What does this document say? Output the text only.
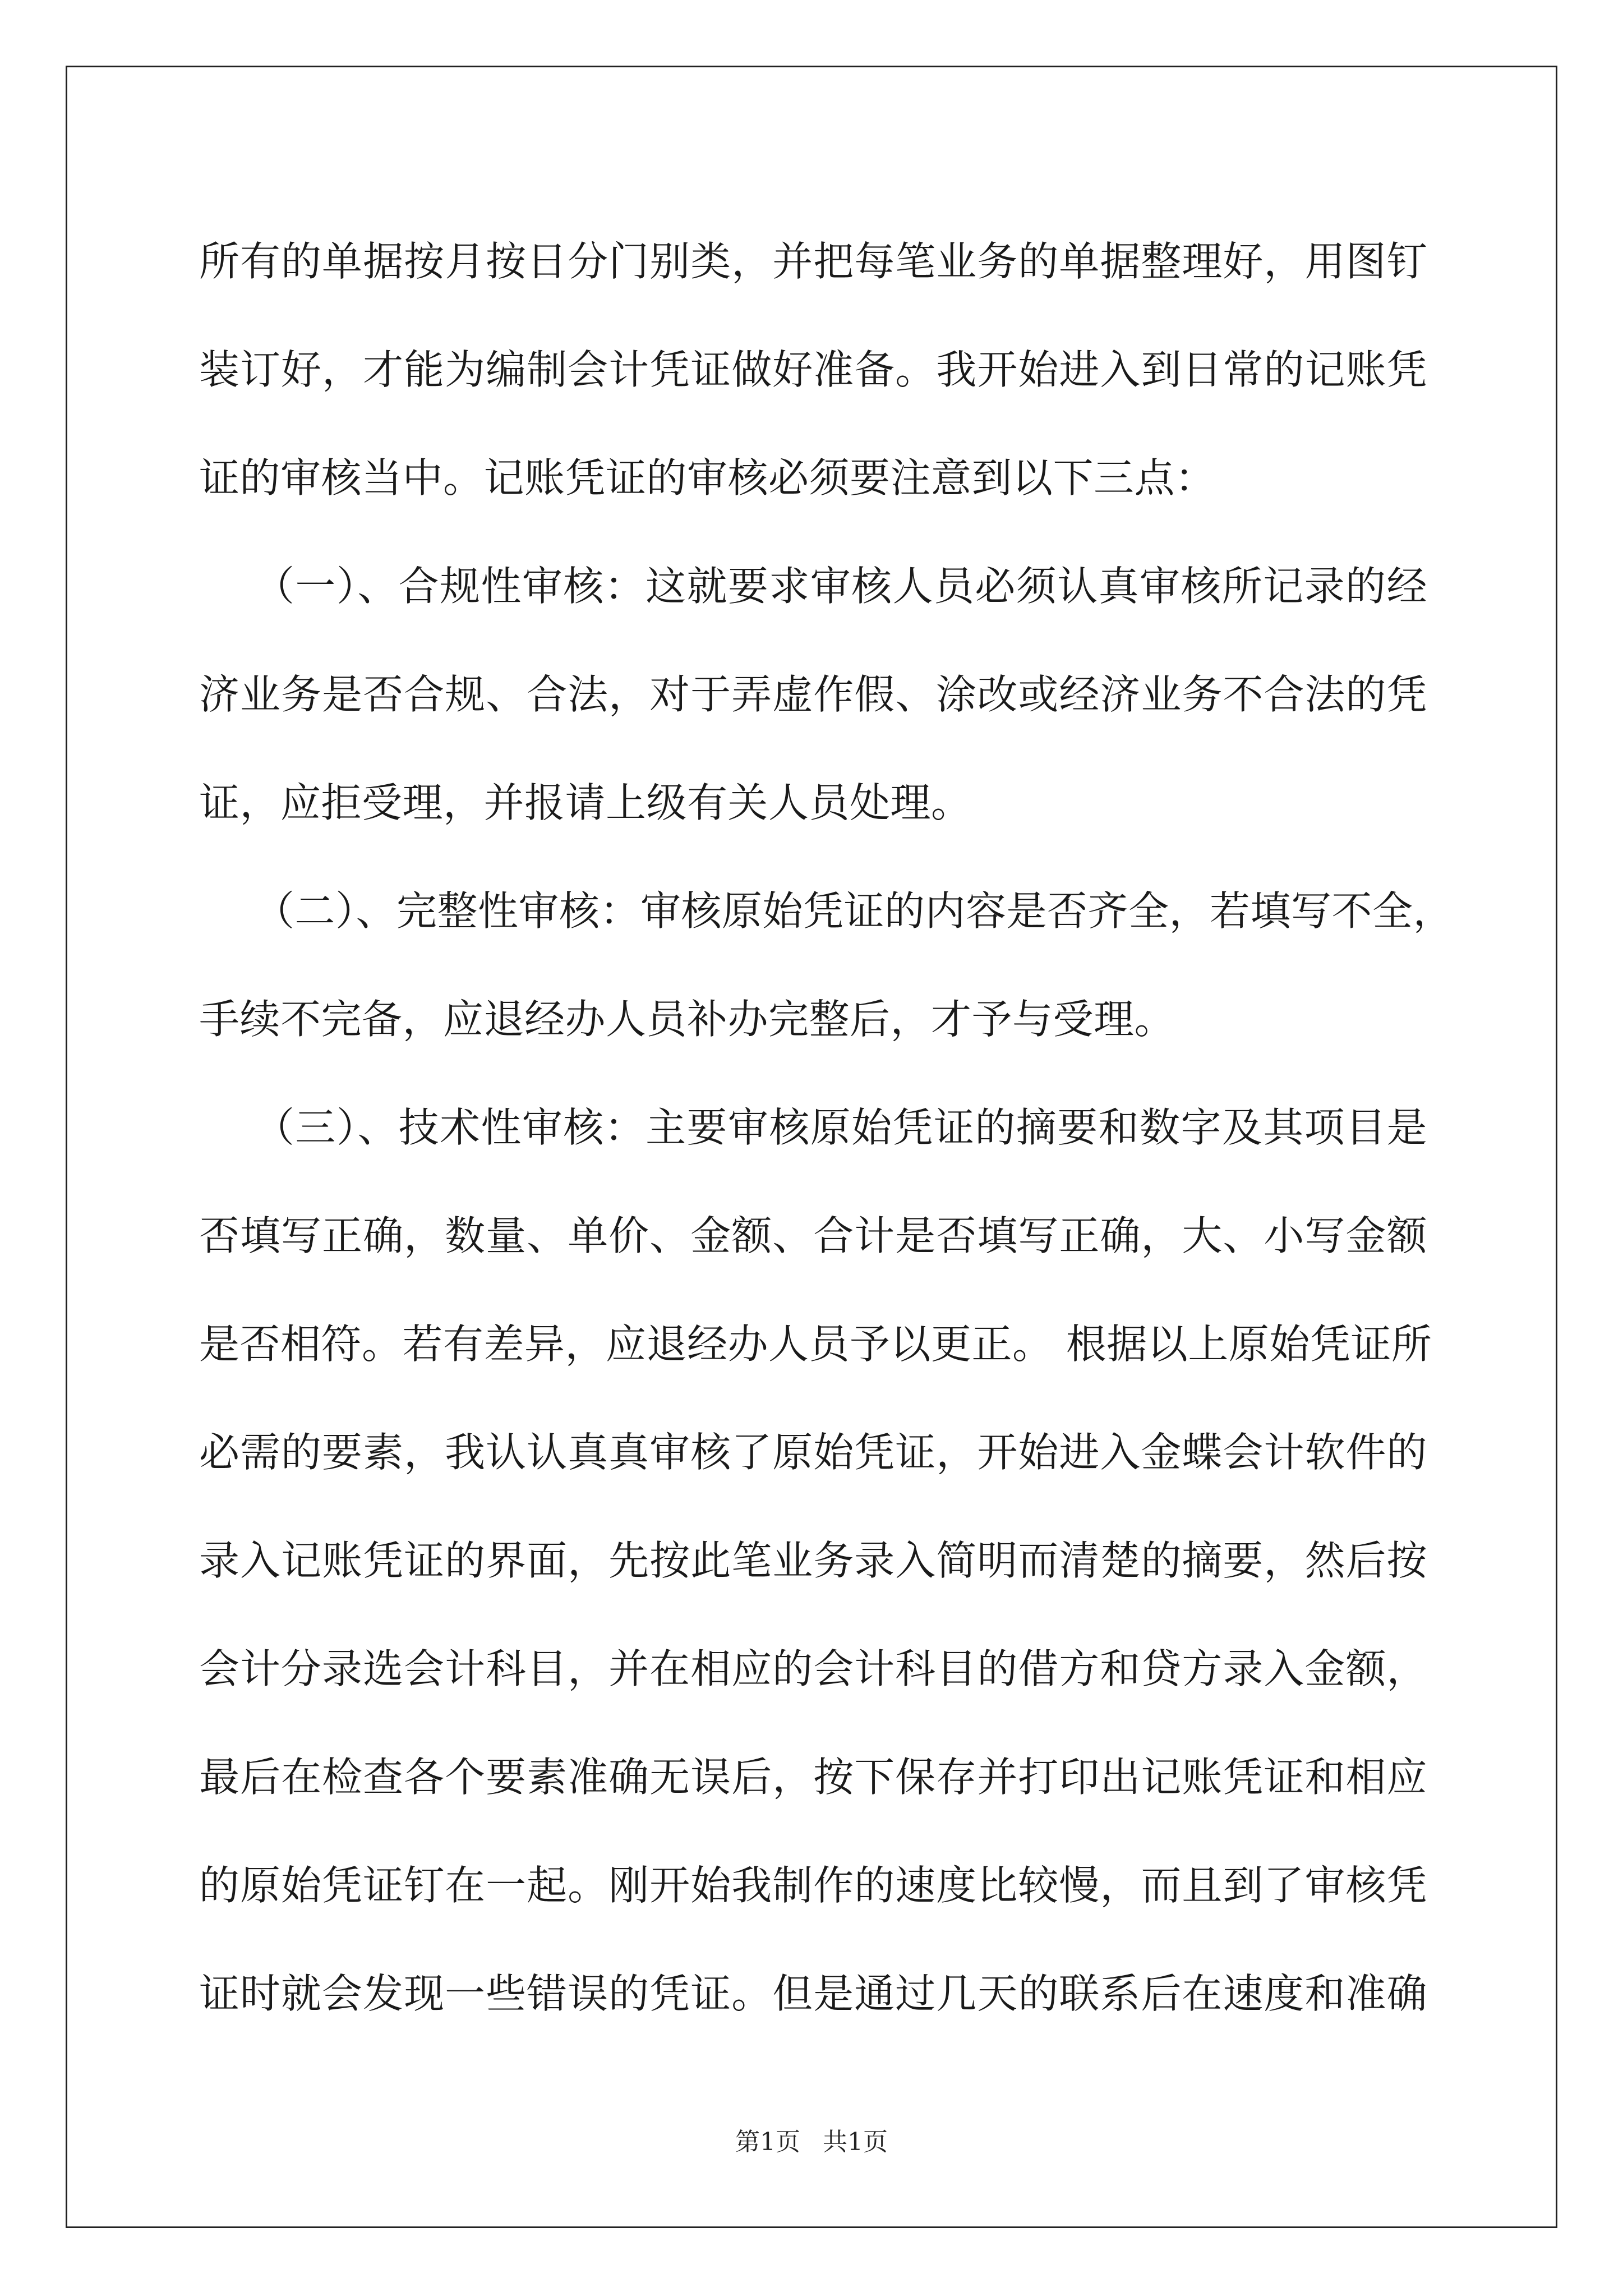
所有的单据按月按日分门别类，并把每笔业务的单据整理好，用图钉
装订好，才能为编制会计凭证做好准备。我开始进入到日常的记账凭
证的审核当中。记账凭证的审核必须要注意到以下三点：
（一）、合规性审核：这就要求审核人员必须认真审核所记录的经
济业务是否合规、合法，对于弄虚作假、涂改或经济业务不合法的凭
证，应拒受理，并报请上级有关人员处理。
（二）、完整性审核：审核原始凭证的内容是否齐全，若填写不全，
手续不完备，应退经办人员补办完整后，才予与受理。
（三）、技术性审核：主要审核原始凭证的摘要和数字及其项目是
否填写正确，数量、单价、金额、合计是否填写正确，大、小写金额
是否相符。若有差异，应退经办人员予以更正。 根据以上原始凭证所
必需的要素，我认认真真审核了原始凭证，开始进入金蝶会计软件的
录入记账凭证的界面，先按此笔业务录入简明而清楚的摘要，然后按
会计分录选会计科目，并在相应的会计科目的借方和贷方录入金额，
最后在检查各个要素准确无误后，按下保存并打印出记账凭证和相应
的原始凭证钉在一起。刚开始我制作的速度比较慢，而且到了审核凭
证时就会发现一些错误的凭证。但是通过几天的联系后在速度和准确
第1页 共1页
